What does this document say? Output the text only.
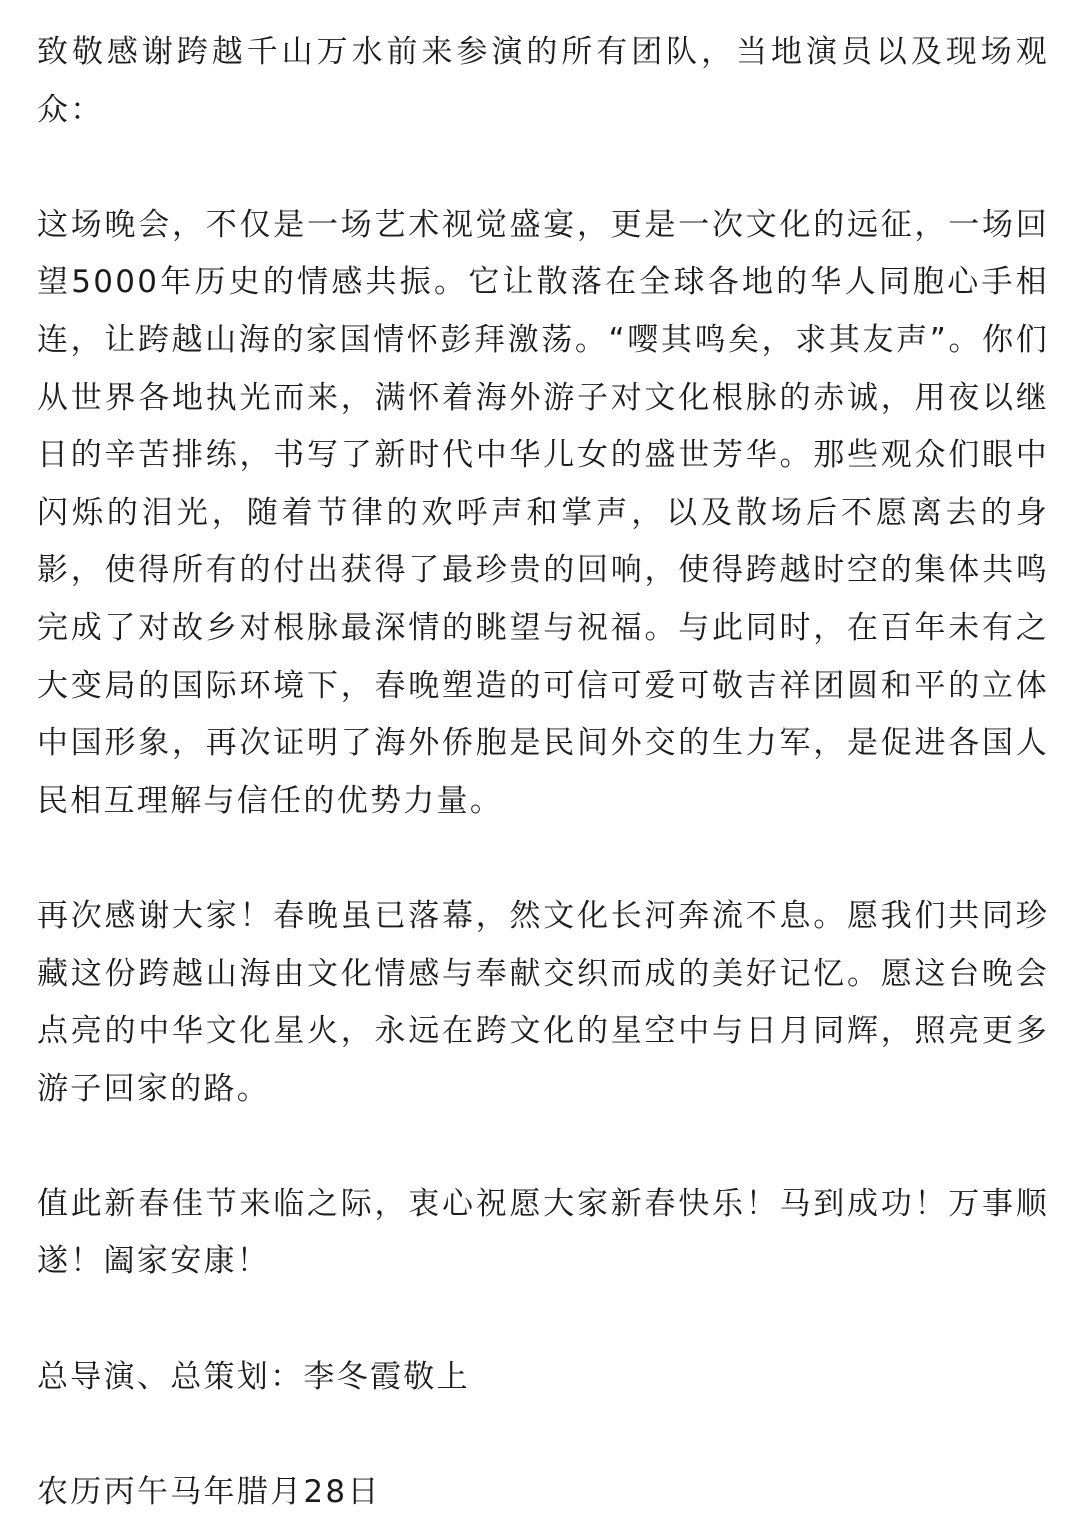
致敬感谢跨越千山万水前来参演的所有团队，当地演员以及现场观众：

这场晚会，不仅是一场艺术视觉盛宴，更是一次文化的远征，一场回望5000年历史的情感共振。它让散落在全球各地的华人同胞心手相连，让跨越山海的家国情怀彭拜激荡。“嘤其鸣矣，求其友声”。你们从世界各地执光而来，满怀着海外游子对文化根脉的赤诚，用夜以继日的辛苦排练，书写了新时代中华儿女的盛世芳华。那些观众们眼中闪烁的泪光，随着节律的欢呼声和掌声，以及散场后不愿离去的身影，使得所有的付出获得了最珍贵的回响，使得跨越时空的集体共鸣完成了对故乡对根脉最深情的眺望与祝福。与此同时，在百年未有之大变局的国际环境下，春晚塑造的可信可爱可敬吉祥团圆和平的立体中国形象，再次证明了海外侨胞是民间外交的生力军，是促进各国人民相互理解与信任的优势力量。

再次感谢大家！春晚虽已落幕，然文化长河奔流不息。愿我们共同珍藏这份跨越山海由文化情感与奉献交织而成的美好记忆。愿这台晚会点亮的中华文化星火，永远在跨文化的星空中与日月同辉，照亮更多游子回家的路。

值此新春佳节来临之际，衷心祝愿大家新春快乐！马到成功！万事顺遂！阖家安康！

总导演、总策划：李冬霞敬上

农历丙午马年腊月28日
